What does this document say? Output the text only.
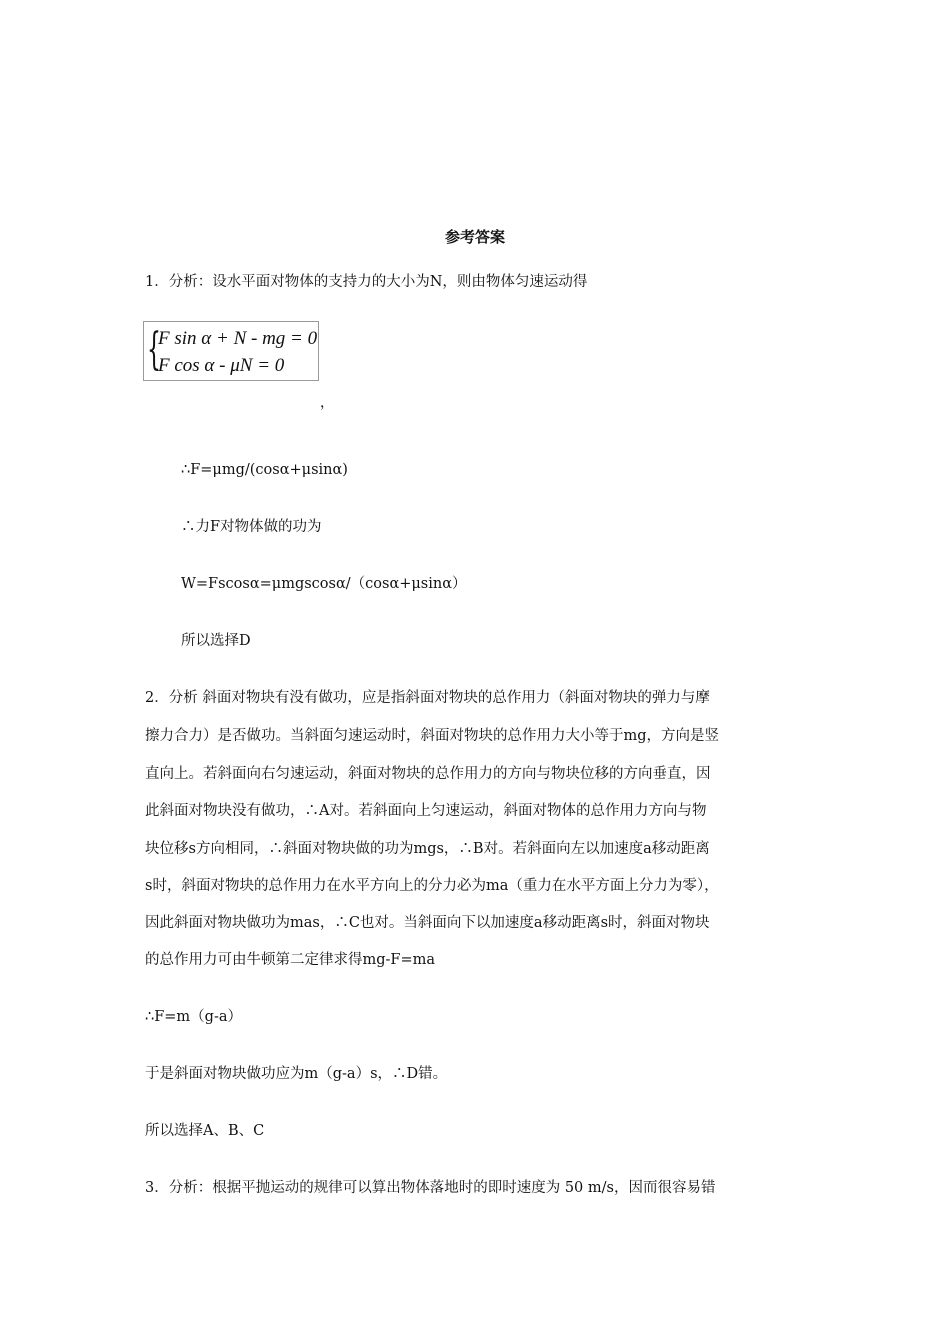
参考答案
1．分析：设水平面对物体的支持力的大小为N，则由物体匀速运动得
{
F sin α + N - mg = 0
F cos α - μN = 0
，
∴F=μmg/(cosα+μsinα)
∴力F对物体做的功为
W=Fscosα=μmgscosα/（cosα+μsinα）
所以选择D
2．分析 斜面对物块有没有做功，应是指斜面对物块的总作用力（斜面对物块的弹力与摩
擦力合力）是否做功。当斜面匀速运动时，斜面对物块的总作用力大小等于mg，方向是竖
直向上。若斜面向右匀速运动，斜面对物块的总作用力的方向与物块位移的方向垂直，因
此斜面对物块没有做功，∴A对。若斜面向上匀速运动，斜面对物体的总作用力方向与物
块位移s方向相同，∴斜面对物块做的功为mgs，∴B对。若斜面向左以加速度a移动距离
s时，斜面对物块的总作用力在水平方向上的分力必为ma（重力在水平方面上分力为零），
因此斜面对物块做功为mas，∴C也对。当斜面向下以加速度a移动距离s时，斜面对物块
的总作用力可由牛顿第二定律求得mg-F=ma
∴F=m（g-a）
于是斜面对物块做功应为m（g-a）s，∴D错。
所以选择A、B、C
3．分析：根据平抛运动的规律可以算出物体落地时的即时速度为 50 m/s，因而很容易错
